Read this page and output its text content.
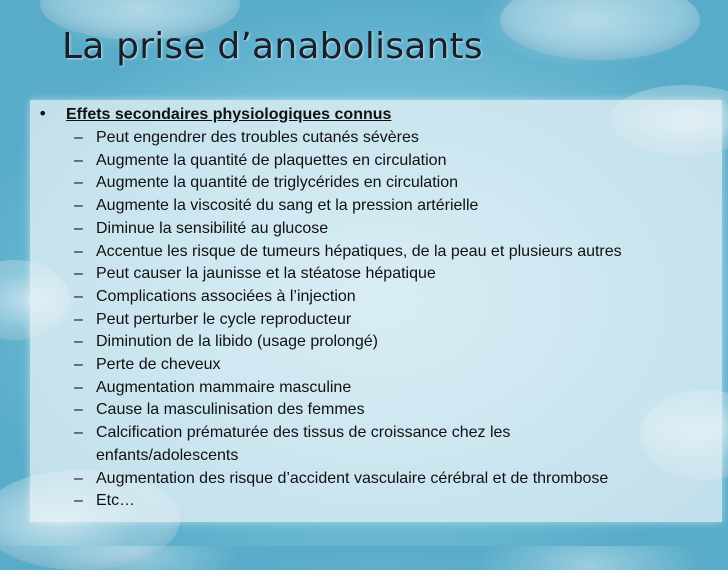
La prise d’anabolisants
•	Effets secondaires physiologiques connus
– Peut engendrer des troubles cutanés sévères
– Augmente la quantité de plaquettes en circulation
– Augmente la quantité de triglycérides en circulation
– Augmente la viscosité du sang et la pression artérielle
– Diminue la sensibilité au glucose
– Accentue les risque de tumeurs hépatiques, de la peau et plusieurs autres
– Peut causer la jaunisse et la stéatose hépatique
– Complications associées à l’injection
– Peut perturber le cycle reproducteur
– Diminution de la libido (usage prolongé)
– Perte de cheveux
– Augmentation mammaire masculine
– Cause la masculinisation des femmes
– Calcification prématurée des tissus de croissance chez les enfants/adolescents
– Augmentation des risque d’accident vasculaire cérébral et de thrombose
– Etc…
